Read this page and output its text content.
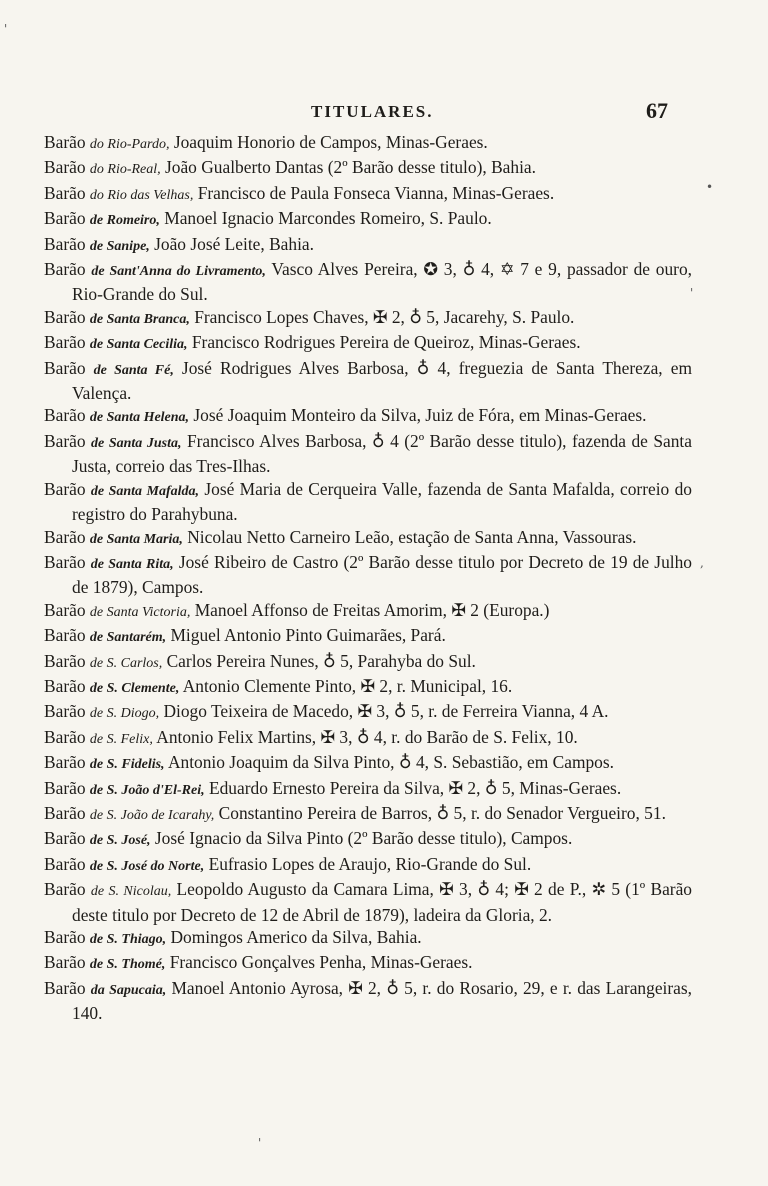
TITULARES.	67

Barão do Rio-Pardo, Joaquim Honorio de Campos, Minas-Geraes.

Barão do Rio-Real, João Gualberto Dantas (2º Barão desse titulo), Bahia.

Barão do Rio das Velhas, Francisco de Paula Fonseca Vianna, Minas-Geraes.

Barão de Romeiro, Manoel Ignacio Marcondes Romeiro, S. Paulo.

Barão de Sanipe, João José Leite, Bahia.

Barão de Sant'Anna do Livramento, Vasco Alves Pereira, ✪ 3, ♁ 4, ✡ 7 e 9, passador de ouro, Rio-Grande do Sul.

Barão de Santa Branca, Francisco Lopes Chaves, ✠ 2, ♁ 5, Jacarehy, S. Paulo.

Barão de Santa Cecilia, Francisco Rodrigues Pereira de Queiroz, Minas-Geraes.

Barão de Santa Fé, José Rodrigues Alves Barbosa, ♁ 4, freguezia de Santa Thereza, em Valença.

Barão de Santa Helena, José Joaquim Monteiro da Silva, Juiz de Fóra, em Minas-Geraes.

Barão de Santa Justa, Francisco Alves Barbosa, ♁ 4 (2º Barão desse titulo), fazenda de Santa Justa, correio das Tres-Ilhas.

Barão de Santa Mafalda, José Maria de Cerqueira Valle, fazenda de Santa Mafalda, correio do registro do Parahybuna.

Barão de Santa Maria, Nicolau Netto Carneiro Leão, estação de Santa Anna, Vassouras.

Barão de Santa Rita, José Ribeiro de Castro (2º Barão desse titulo por Decreto de 19 de Julho de 1879), Campos.

Barão de Santa Victoria, Manoel Affonso de Freitas Amorim, ✠ 2 (Europa.)

Barão de Santarém, Miguel Antonio Pinto Guimarães, Pará.

Barão de S. Carlos, Carlos Pereira Nunes, ♁ 5, Parahyba do Sul.

Barão de S. Clemente, Antonio Clemente Pinto, ✠ 2, r. Municipal, 16.

Barão de S. Diogo, Diogo Teixeira de Macedo, ✠ 3, ♁ 5, r. de Ferreira Vianna, 4 A.

Barão de S. Felix, Antonio Felix Martins, ✠ 3, ♁ 4, r. do Barão de S. Felix, 10.

Barão de S. Fidelis, Antonio Joaquim da Silva Pinto, ♁ 4, S. Sebastião, em Campos.

Barão de S. João d'El-Rei, Eduardo Ernesto Pereira da Silva, ✠ 2, ♁ 5, Minas-Geraes.

Barão de S. João de Icarahy, Constantino Pereira de Barros, ♁ 5, r. do Senador Vergueiro, 51.

Barão de S. José, José Ignacio da Silva Pinto (2º Barão desse titulo), Campos.

Barão de S. José do Norte, Eufrasio Lopes de Araujo, Rio-Grande do Sul.

Barão de S. Nicolau, Leopoldo Augusto da Camara Lima, ✠ 3, ♁ 4; ✠ 2 de P., ✲ 5 (1º Barão deste titulo por Decreto de 12 de Abril de 1879), ladeira da Gloria, 2.

Barão de S. Thiago, Domingos Americo da Silva, Bahia.

Barão de S. Thomé, Francisco Gonçalves Penha, Minas-Geraes.

Barão da Sapucaia, Manoel Antonio Ayrosa, ✠ 2, ♁ 5, r. do Rosario, 29, e r. das Larangeiras, 140.

'
•
'
,
'
